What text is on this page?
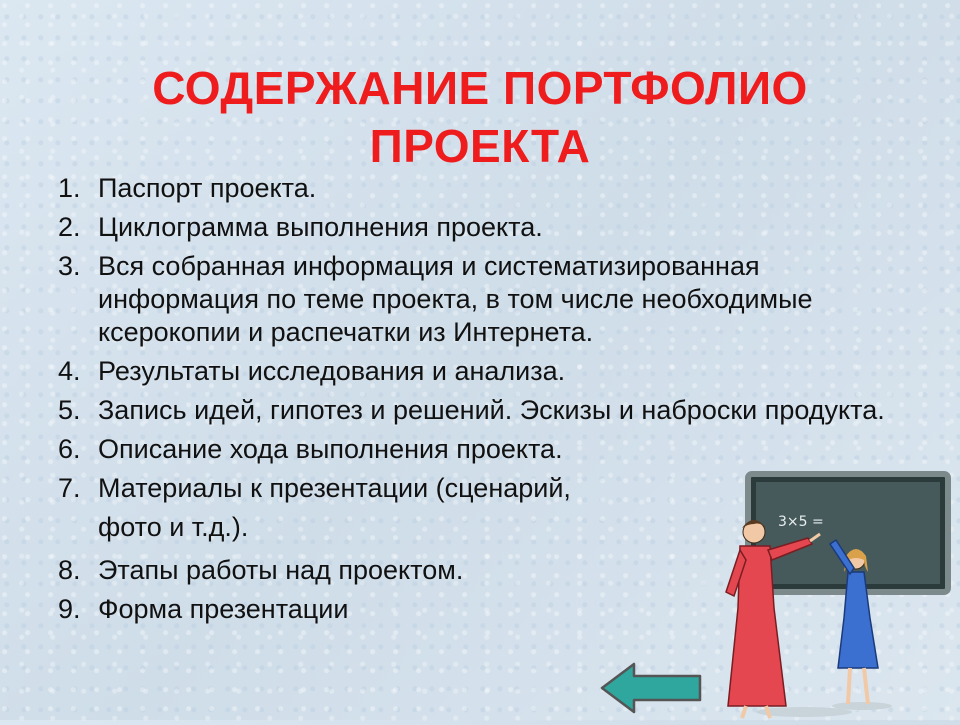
СОДЕРЖАНИЕ ПОРТФОЛИО
ПРОЕКТА
1. Паспорт проекта.
2. Циклограмма выполнения проекта.
3. Вся собранная информация и систематизированная информация по теме проекта, в том числе необходимые ксерокопии и распечатки из Интернета.
4. Результаты исследования и анализа.
5. Запись идей, гипотез и решений. Эскизы и наброски продукта.
6. Описание хода выполнения проекта.
7. Материалы к презентации (сценарий,
фото и т.д.).
8. Этапы работы над проектом.
9. Форма презентации
3×5 =
